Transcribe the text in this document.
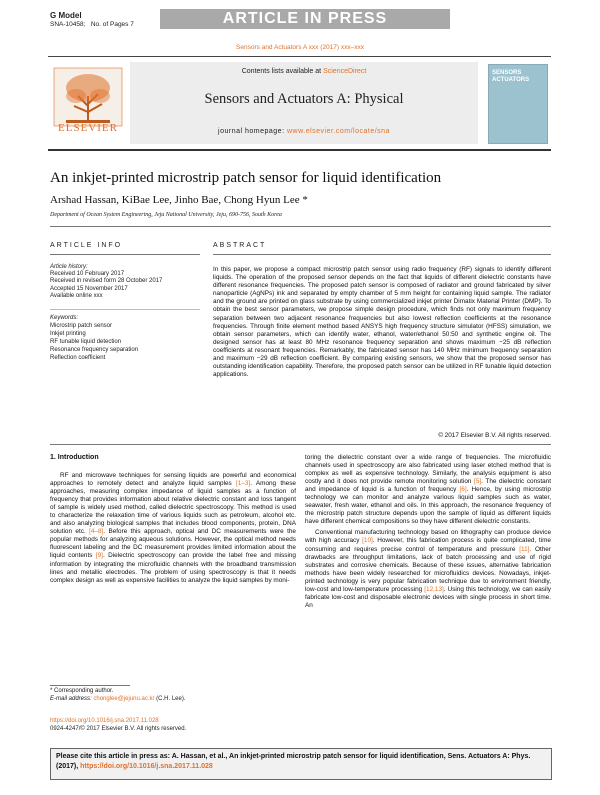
G Model
SNA-10458; No. of Pages 7	ARTICLE IN PRESS
Sensors and Actuators A xxx (2017) xxx–xxx
ELSEVIER
Contents lists available at ScienceDirect
Sensors and Actuators A: Physical
journal homepage: www.elsevier.com/locate/sna
SENSORS
ACTUATORS
An inkjet-printed microstrip patch sensor for liquid identification
Arshad Hassan, KiBae Lee, Jinho Bae, Chong Hyun Lee *
Department of Ocean System Engineering, Jeju National University, Jeju, 690-756, South Korea
ARTICLE INFO
Article history:
Received 10 February 2017
Received in revised form 28 October 2017
Accepted 15 November 2017
Available online xxx
Keywords:
Microstrip patch sensor
Inkjet printing
RF tunable liquid detection
Resonance frequency separation
Reflection coefficient
ABSTRACT
In this paper, we propose a compact microstrip patch sensor using radio frequency (RF) signals to identify different liquids. The operation of the proposed sensor depends on the fact that liquids of different dielectric constants have different resonance frequencies. The proposed patch sensor is composed of radiator and ground fabricated by silver nanoparticle (AgNPs) ink and separated by empty chamber of 5 mm height for containing liquid sample. The radiator and the ground are printed on glass substrate by using commercialized inkjet printer Dimatix Material Printer (DMP). To obtain the best sensor parameters, we propose simple design procedure, which finds not only maximum frequency separation between two adjacent resonance frequencies but also lowest reflection coefficients at the resonance frequencies. Through finite element method based ANSYS high frequency structure simulator (HFSS) simulation, we obtain sensor parameters, which can identify water, ethanol, water/ethanol 50:50 and synthetic engine oil. The designed sensor has at least 80 MHz resonance frequency separation and shows maximum −25 dB reflection coefficients at resonant frequencies. Remarkably, the fabricated sensor has 140 MHz minimum frequency separation and maximum −29 dB reflection coefficient. By comparing existing sensors, we show that the proposed sensor has outstanding identification capability. Therefore, the proposed patch sensor can be utilized in RF tunable liquid detection applications.
© 2017 Elsevier B.V. All rights reserved.
1. Introduction

RF and microwave techniques for sensing liquids are powerful and economical approaches to remotely detect and analyze liquid samples [1–3]. Among these approaches, measuring complex impedance of liquid samples as a function of frequency that provides information about relative dielectric constant and loss tangent of sample is widely used method, called dielectric spectroscopy. This method is used to characterize the relaxation time of various liquids such as petroleum, alcohol etc. and also analyzing biological samples that includes blood components, protein, DNA solution etc. [4–8]. Before this approach, optical and DC measurements were the popular methods for analyzing aqueous solutions. However, the optical method needs fluorescent labeling and the DC measurement provides limited information about the liquid contents [9]. Dielectric spectroscopy can provide the label free and missing information by integrating the microfluidic channels with the broadband transmission lines and metallic electrodes. The problem of using spectroscopy is that it needs complex design as well as expensive facilities to analyze the liquid samples by moni-

toring the dielectric constant over a wide range of frequencies. The microfluidic channels used in spectroscopy are also fabricated using laser etched method that is complex as well as expensive technology. Similarly, the analysis equipment is also costly and it does not provide remote monitoring solution [5]. The dielectric constant and impedance of liquid is a function of frequency [6]. Hence, by using microstrip technology we can monitor and analyze various liquid samples such as water, seawater, fresh water, ethanol and oils. In this approach, the resonance frequency of the microstrip patch structure depends upon the sample of liquid as different liquids have different chemical compositions so they have different dielectric constants.

Conventional manufacturing technology based on lithography can produce device with high accuracy [10]. However, this fabrication process is quite complicated, time consuming and requires precise control of temperature and pressure [11]. Other drawbacks are throughput limitations, lack of batch processing and use of rigid substrates and corrosive chemicals. Because of these issues, alternative fabrication methods have been widely researched for microfluidics devices. Nowadays, inkjet-printed technology is very popular fabrication technique due to environment friendly, low-cost and low-temperature processing [12,13]. Using this technology, we can easily fabricate low-cost and disposable electronic devices with single process in short time. An

* Corresponding author.
E-mail address: chonglee@jejunu.ac.kr (C.H. Lee).
https://doi.org/10.1016/j.sna.2017.11.028
0924-4247/© 2017 Elsevier B.V. All rights reserved.
Please cite this article in press as: A. Hassan, et al., An inkjet-printed microstrip patch sensor for liquid identification, Sens. Actuators A: Phys. (2017), https://doi.org/10.1016/j.sna.2017.11.028
